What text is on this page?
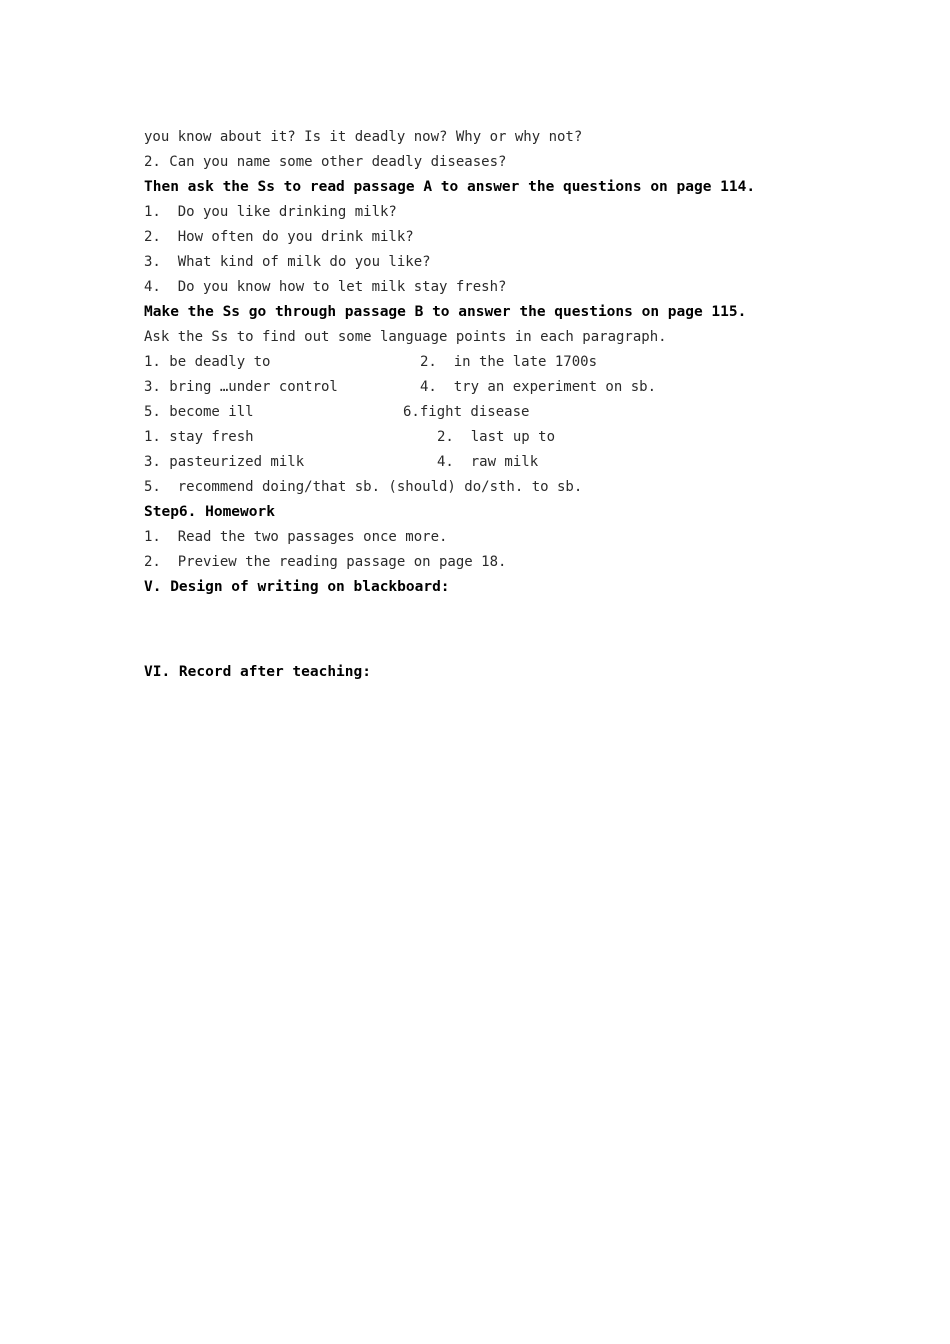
you know about it? Is it deadly now? Why or why not?
2. Can you name some other deadly diseases?
Then ask the Ss to read passage A to answer the questions on page 114.
1.  Do you like drinking milk?
2.  How often do you drink milk?
3.  What kind of milk do you like?
4.  Do you know how to let milk stay fresh?
Make the Ss go through passage B to answer the questions on page 115.
Ask the Ss to find out some language points in each paragraph.
1. be deadly to	2.  in the late 1700s
3. bring …under control	4.  try an experiment on sb.
5. become ill	6.fight disease
1. stay fresh	2.  last up to
3. pasteurized milk	4.  raw milk
5.  recommend doing/that sb. (should) do/sth. to sb.
Step6. Homework
1.  Read the two passages once more.
2.  Preview the reading passage on page 18.
V. Design of writing on blackboard:
VI. Record after teaching:
